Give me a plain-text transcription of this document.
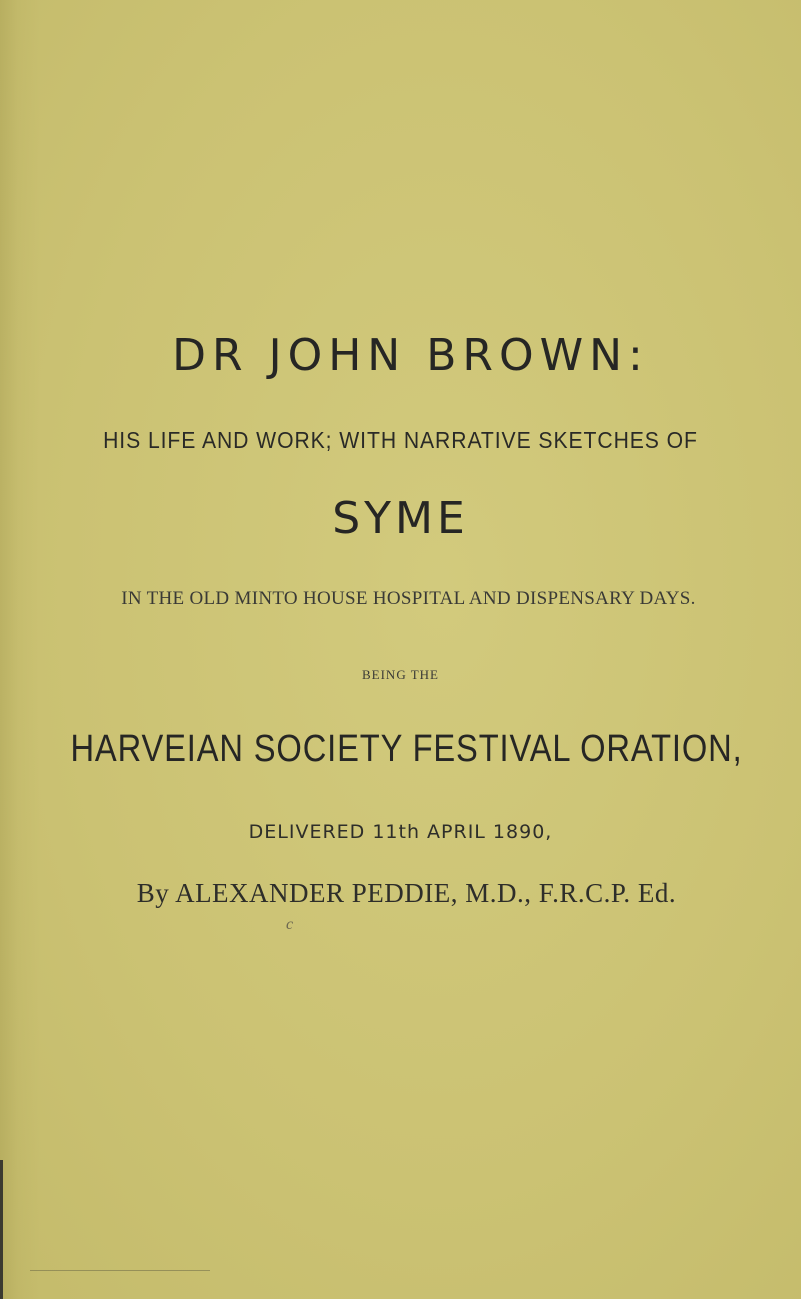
DR JOHN BROWN:
HIS LIFE AND WORK; WITH NARRATIVE SKETCHES OF
SYME
IN THE OLD MINTO HOUSE HOSPITAL AND DISPENSARY DAYS.
BEING THE
HARVEIAN SOCIETY FESTIVAL ORATION,
DELIVERED 11th APRIL 1890,
By ALEXANDER PEDDIE, M.D., F.R.C.P. Ed.
c
